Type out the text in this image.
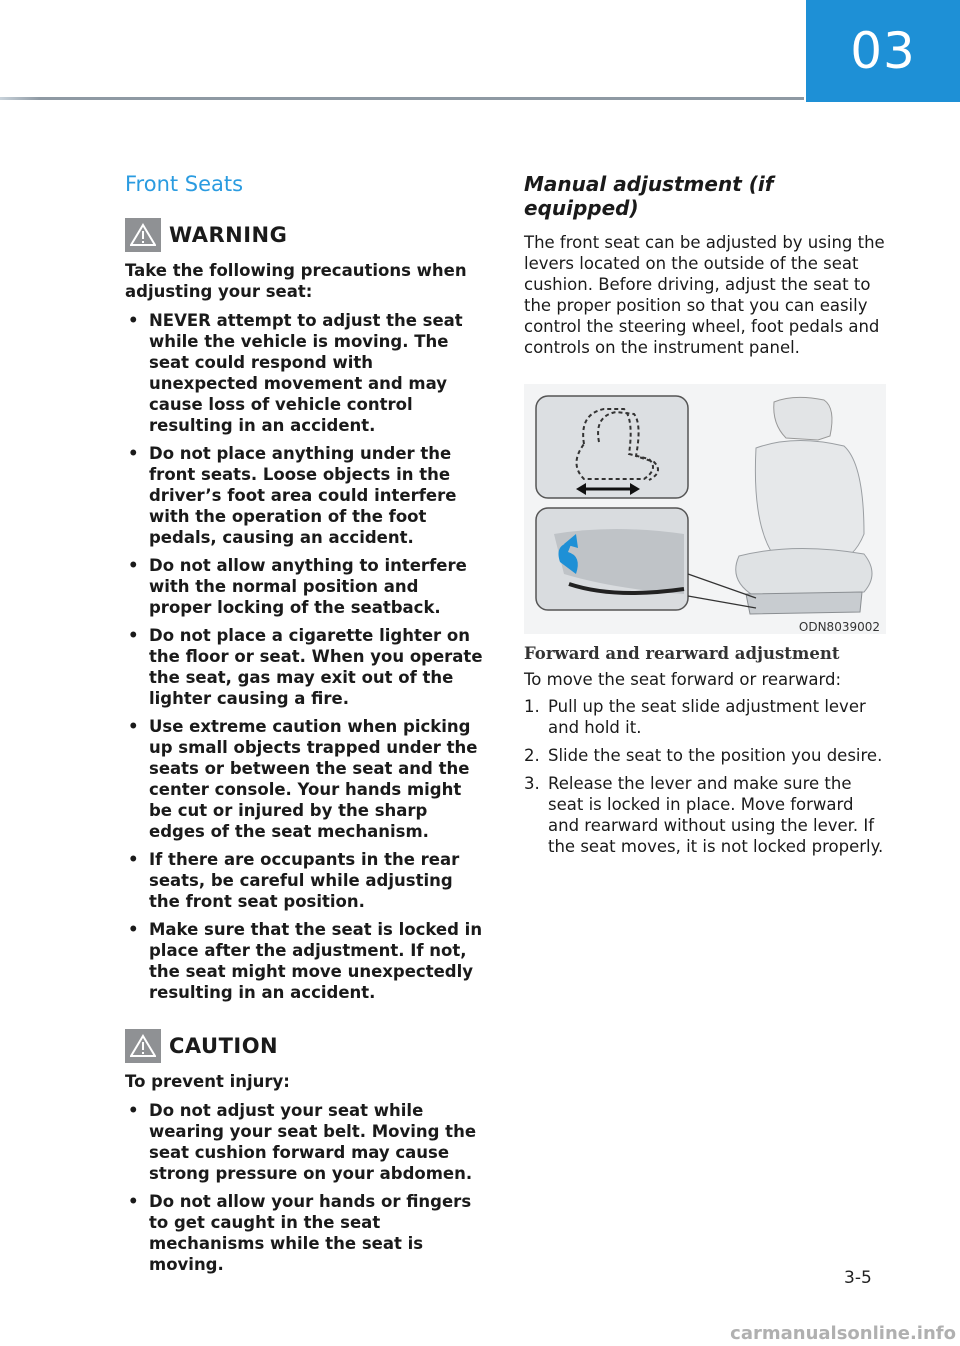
03
Front Seats
WARNING
Take the following precautions when adjusting your seat:
• NEVER attempt to adjust the seat while the vehicle is moving. The seat could respond with unexpected movement and may cause loss of vehicle control resulting in an accident.
• Do not place anything under the front seats. Loose objects in the driver’s foot area could interfere with the operation of the foot pedals, causing an accident.
• Do not allow anything to interfere with the normal position and proper locking of the seatback.
• Do not place a cigarette lighter on the floor or seat. When you operate the seat, gas may exit out of the lighter causing a fire.
• Use extreme caution when picking up small objects trapped under the seats or between the seat and the center console. Your hands might be cut or injured by the sharp edges of the seat mechanism.
• If there are occupants in the rear seats, be careful while adjusting the front seat position.
• Make sure that the seat is locked in place after the adjustment. If not, the seat might move unexpectedly resulting in an accident.
CAUTION
To prevent injury:
• Do not adjust your seat while wearing your seat belt. Moving the seat cushion forward may cause strong pressure on your abdomen.
• Do not allow your hands or fingers to get caught in the seat mechanisms while the seat is moving.
Manual adjustment (if equipped)

The front seat can be adjusted by using the levers located on the outside of the seat cushion. Before driving, adjust the seat to the proper position so that you can easily control the steering wheel, foot pedals and controls on the instrument panel.

ODN8039002
Forward and rearward adjustment

To move the seat forward or rearward:

1. Pull up the seat slide adjustment lever and hold it.
2. Slide the seat to the position you desire.
3. Release the lever and make sure the seat is locked in place. Move forward and rearward without using the lever. If the seat moves, it is not locked properly.
3-5
carmanualsonline.info
